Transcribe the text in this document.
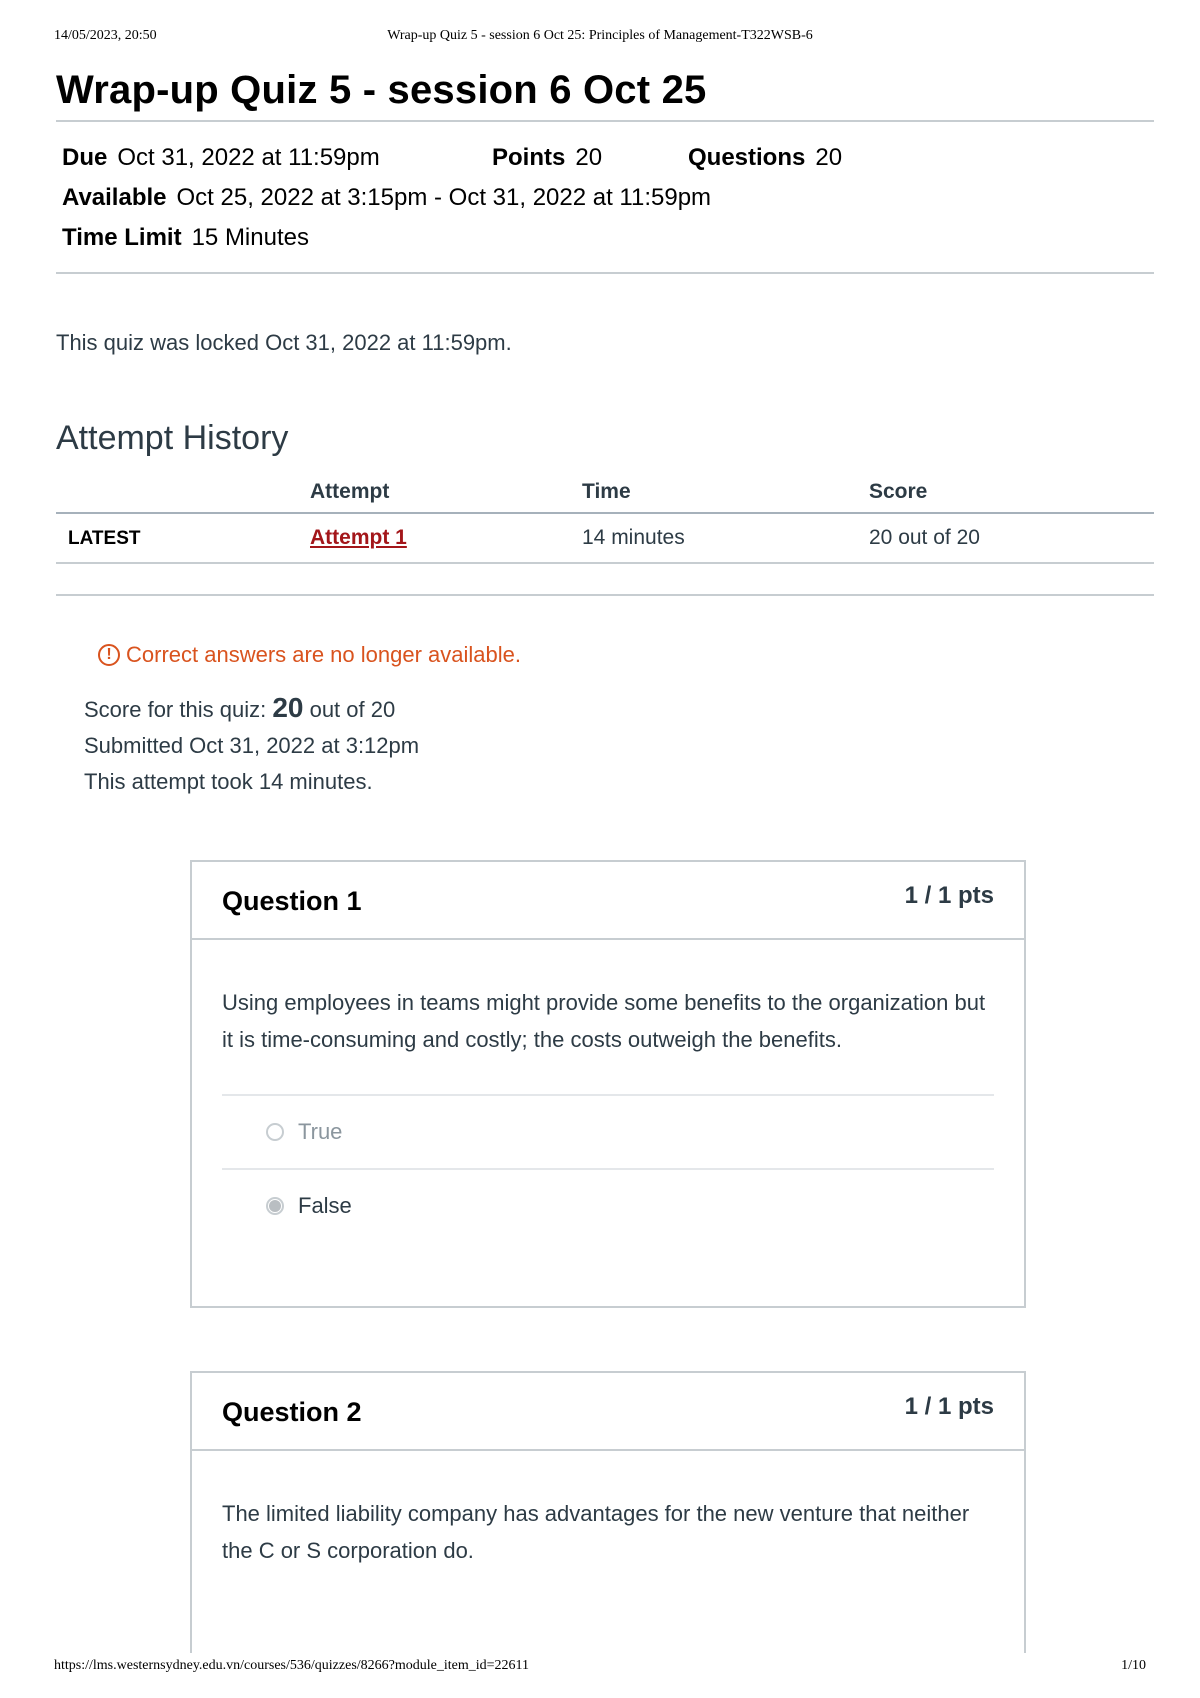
14/05/2023, 20:50	Wrap-up Quiz 5 - session 6 Oct 25: Principles of Management-T322WSB-6
Wrap-up Quiz 5 - session 6 Oct 25
Due Oct 31, 2022 at 11:59pm	Points 20	Questions 20
Available Oct 25, 2022 at 3:15pm - Oct 31, 2022 at 11:59pm
Time Limit 15 Minutes
This quiz was locked Oct 31, 2022 at 11:59pm.
Attempt History
	Attempt	Time	Score
LATEST	Attempt 1	14 minutes	20 out of 20
! Correct answers are no longer available.
Score for this quiz: 20 out of 20
Submitted Oct 31, 2022 at 3:12pm
This attempt took 14 minutes.
Question 1	1 / 1 pts
Using employees in teams might provide some benefits to the organization but it is time-consuming and costly; the costs outweigh the benefits.
True
False
Question 2	1 / 1 pts
The limited liability company has advantages for the new venture that neither the C or S corporation do.
https://lms.westernsydney.edu.vn/courses/536/quizzes/8266?module_item_id=22611	1/10
